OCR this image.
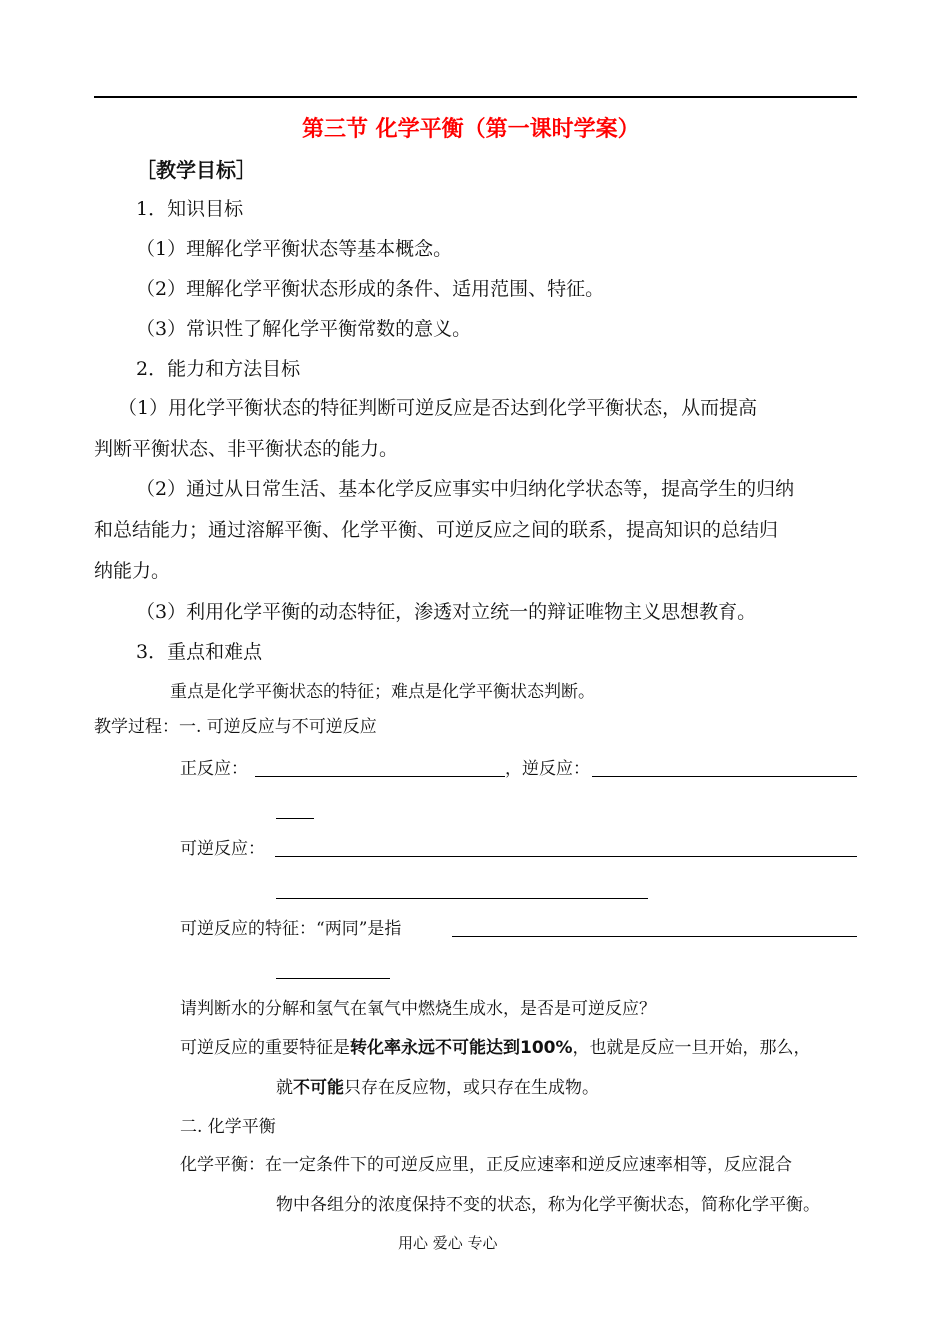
第三节 化学平衡（第一课时学案）
［教学目标］
1．知识目标
（1）理解化学平衡状态等基本概念。
（2）理解化学平衡状态形成的条件、适用范围、特征。
（3）常识性了解化学平衡常数的意义。
2．能力和方法目标
（1）用化学平衡状态的特征判断可逆反应是否达到化学平衡状态，从而提高
判断平衡状态、非平衡状态的能力。
（2）通过从日常生活、基本化学反应事实中归纳化学状态等，提高学生的归纳
和总结能力；通过溶解平衡、化学平衡、可逆反应之间的联系，提高知识的总结归
纳能力。
（3）利用化学平衡的动态特征，渗透对立统一的辩证唯物主义思想教育。
3．重点和难点
重点是化学平衡状态的特征；难点是化学平衡状态判断。
教学过程：一. 可逆反应与不可逆反应
正反应：	，逆反应：
可逆反应：
可逆反应的特征：“两同”是指
请判断水的分解和氢气在氧气中燃烧生成水，是否是可逆反应？
可逆反应的重要特征是转化率永远不可能达到100%，也就是反应一旦开始，那么，
就不可能只存在反应物，或只存在生成物。
二. 化学平衡
化学平衡：在一定条件下的可逆反应里，正反应速率和逆反应速率相等，反应混合
物中各组分的浓度保持不变的状态，称为化学平衡状态，简称化学平衡。
用心 爱心 专心
